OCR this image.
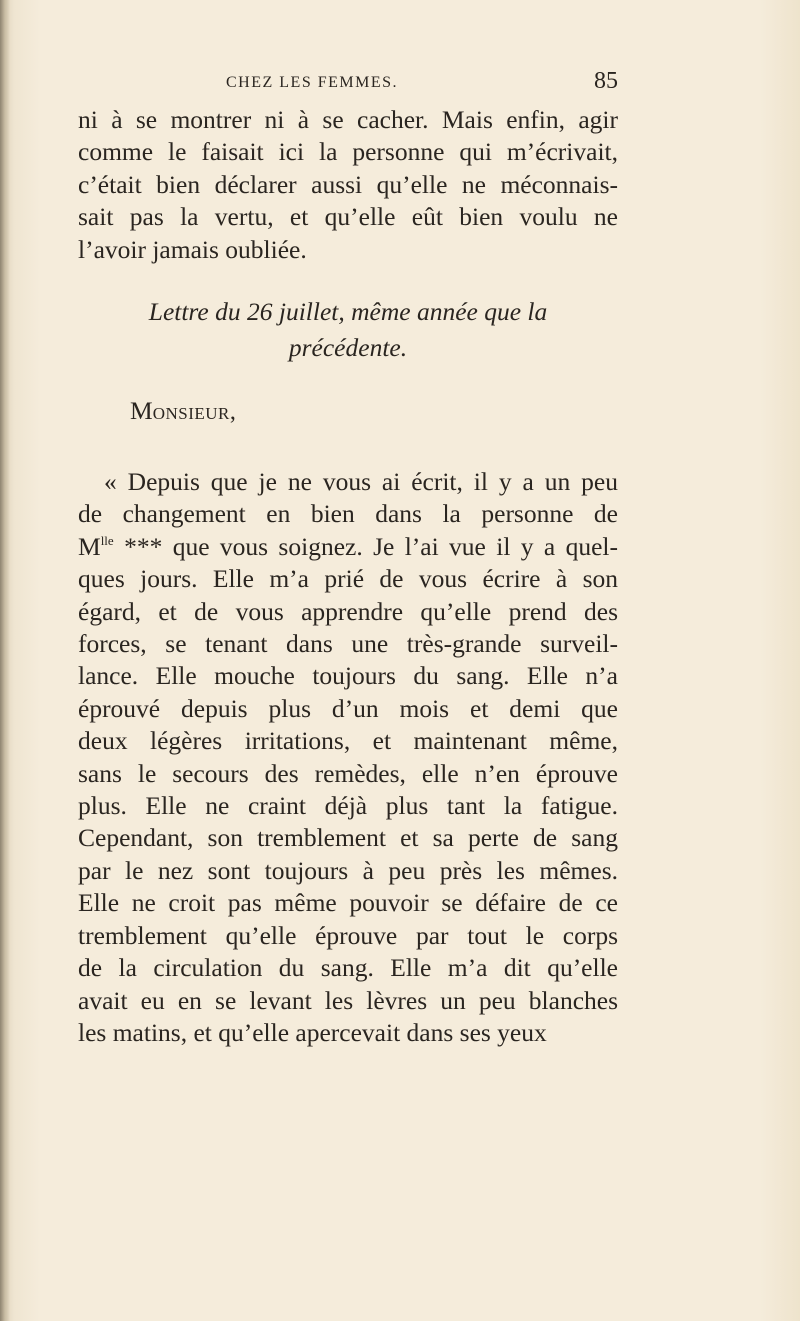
CHEZ LES FEMMES.	85

ni à se montrer ni à se cacher. Mais enfin, agir
comme le faisait ici la personne qui m’écrivait,
c’était bien déclarer aussi qu’elle ne méconnais-
sait pas la vertu, et qu’elle eût bien voulu ne
l’avoir jamais oubliée.

Lettre du 26 juillet, même année que la
précédente.
MONSIEUR,

« Depuis que je ne vous ai écrit, il y a un peu
de changement en bien dans la personne de
$M^{lle}$ *** que vous soignez. Je l’ai vue il y a quel-
ques jours. Elle m’a prié de vous écrire à son
égard, et de vous apprendre qu’elle prend des
forces, se tenant dans une très-grande surveil-
lance. Elle mouche toujours du sang. Elle n’a
éprouvé depuis plus d’un mois et demi que
deux légères irritations, et maintenant même,
sans le secours des remèdes, elle n’en éprouve
plus. Elle ne craint déjà plus tant la fatigue.
Cependant, son tremblement et sa perte de sang
par le nez sont toujours à peu près les mêmes.
Elle ne croit pas même pouvoir se défaire de ce
tremblement qu’elle éprouve par tout le corps
de la circulation du sang. Elle m’a dit qu’elle
avait eu en se levant les lèvres un peu blanches
les matins, et qu’elle apercevait dans ses yeux
